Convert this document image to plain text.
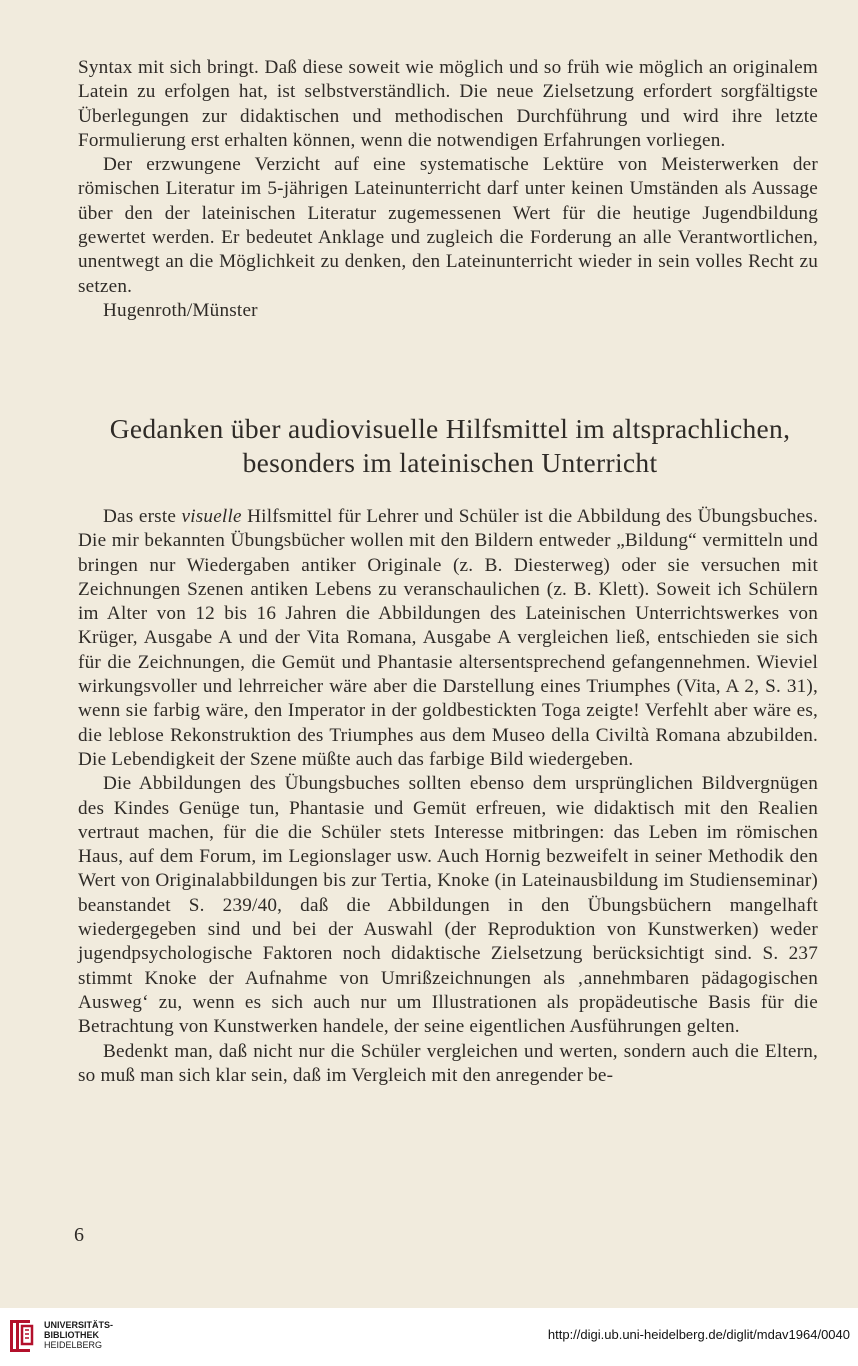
Syntax mit sich bringt. Daß diese soweit wie möglich und so früh wie möglich an originalem Latein zu erfolgen hat, ist selbstverständlich. Die neue Zielsetzung erfordert sorgfältigste Überlegungen zur didaktischen und methodischen Durchführung und wird ihre letzte Formulierung erst erhalten können, wenn die notwendigen Erfahrungen vorliegen.

Der erzwungene Verzicht auf eine systematische Lektüre von Meisterwerken der römischen Literatur im 5-jährigen Lateinunterricht darf unter keinen Umständen als Aussage über den der lateinischen Literatur zugemessenen Wert für die heutige Jugendbildung gewertet werden. Er bedeutet Anklage und zugleich die Forderung an alle Verantwortlichen, unentwegt an die Möglichkeit zu denken, den Lateinunterricht wieder in sein volles Recht zu setzen.

Hugenroth/Münster

Gedanken über audiovisuelle Hilfsmittel im altsprachlichen,
besonders im lateinischen Unterricht

Das erste visuelle Hilfsmittel für Lehrer und Schüler ist die Abbildung des Übungsbuches. Die mir bekannten Übungsbücher wollen mit den Bildern entweder „Bildung“ vermitteln und bringen nur Wiedergaben antiker Originale (z. B. Diesterweg) oder sie versuchen mit Zeichnungen Szenen antiken Lebens zu veranschaulichen (z. B. Klett). Soweit ich Schülern im Alter von 12 bis 16 Jahren die Abbildungen des Lateinischen Unterrichtswerkes von Krüger, Ausgabe A und der Vita Romana, Ausgabe A vergleichen ließ, entschieden sie sich für die Zeichnungen, die Gemüt und Phantasie altersentsprechend gefangennehmen. Wieviel wirkungsvoller und lehrreicher wäre aber die Darstellung eines Triumphes (Vita, A 2, S. 31), wenn sie farbig wäre, den Imperator in der goldbestickten Toga zeigte! Verfehlt aber wäre es, die leblose Rekonstruktion des Triumphes aus dem Museo della Civiltà Romana abzubilden. Die Lebendigkeit der Szene müßte auch das farbige Bild wiedergeben.

Die Abbildungen des Übungsbuches sollten ebenso dem ursprünglichen Bildvergnügen des Kindes Genüge tun, Phantasie und Gemüt erfreuen, wie didaktisch mit den Realien vertraut machen, für die die Schüler stets Interesse mitbringen: das Leben im römischen Haus, auf dem Forum, im Legionslager usw. Auch Hornig bezweifelt in seiner Methodik den Wert von Originalabbildungen bis zur Tertia, Knoke (in Lateinausbildung im Studienseminar) beanstandet S. 239/40, daß die Abbildungen in den Übungsbüchern mangelhaft wiedergegeben sind und bei der Auswahl (der Reproduktion von Kunstwerken) weder jugendpsychologische Faktoren noch didaktische Zielsetzung berücksichtigt sind. S. 237 stimmt Knoke der Aufnahme von Umrißzeichnungen als ‚annehmbaren pädagogischen Ausweg‘ zu, wenn es sich auch nur um Illustrationen als propädeutische Basis für die Betrachtung von Kunstwerken handele, der seine eigentlichen Ausführungen gelten.

Bedenkt man, daß nicht nur die Schüler vergleichen und werten, sondern auch die Eltern, so muß man sich klar sein, daß im Vergleich mit den anregender be-

6
UNIVERSITÄTS-
BIBLIOTHEK
HEIDELBERG
http://digi.ub.uni-heidelberg.de/diglit/mdav1964/0040
